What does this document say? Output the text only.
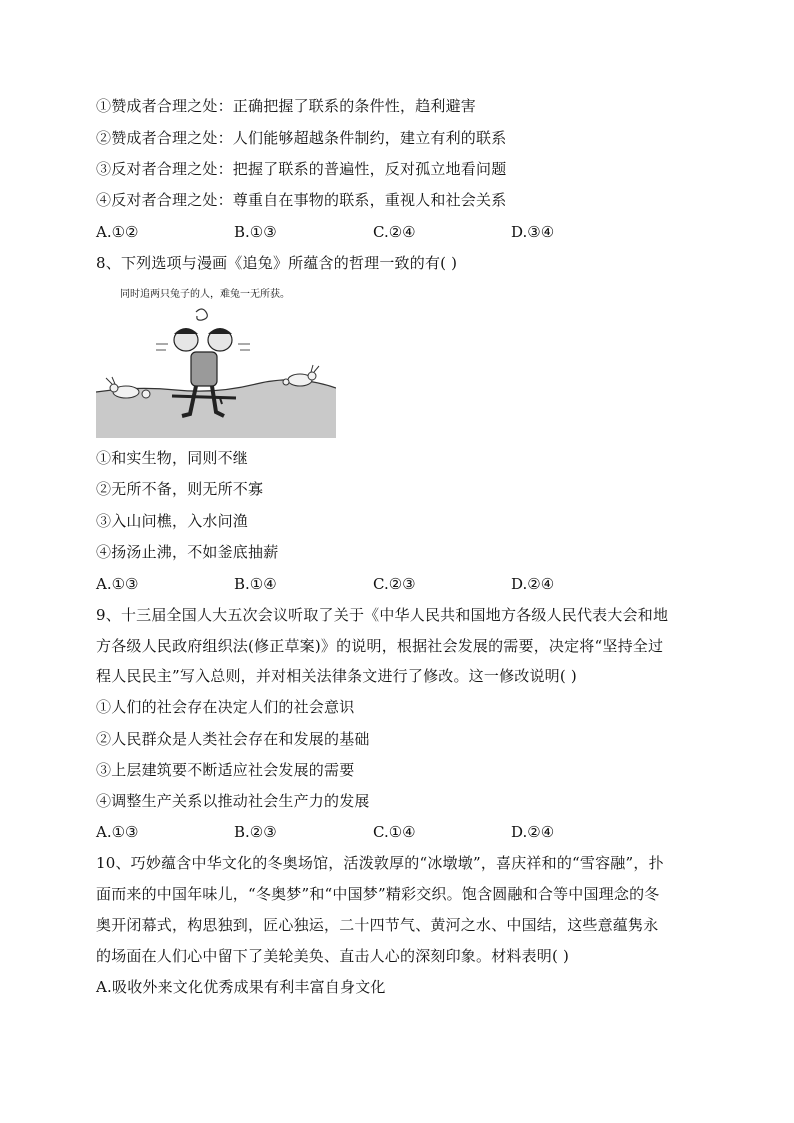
①赞成者合理之处：正确把握了联系的条件性，趋利避害
②赞成者合理之处：人们能够超越条件制约，建立有利的联系
③反对者合理之处：把握了联系的普遍性，反对孤立地看问题
④反对者合理之处：尊重自在事物的联系，重视人和社会关系
A.①②	B.①③	C.②④	D.③④
8、下列选项与漫画《追兔》所蕴含的哲理一致的有( )
同时追两只兔子的人，难兔一无所获。
①和实生物，同则不继
②无所不备，则无所不寡
③入山问樵，入水问渔
④扬汤止沸，不如釜底抽薪
A.①③	B.①④	C.②③	D.②④
9、十三届全国人大五次会议听取了关于《中华人民共和国地方各级人民代表大会和地
方各级人民政府组织法(修正草案)》的说明，根据社会发展的需要，决定将“坚持全过
程人民民主”写入总则，并对相关法律条文进行了修改。这一修改说明( )
①人们的社会存在决定人们的社会意识
②人民群众是人类社会存在和发展的基础
③上层建筑要不断适应社会发展的需要
④调整生产关系以推动社会生产力的发展
A.①③	B.②③	C.①④	D.②④
10、巧妙蕴含中华文化的冬奥场馆，活泼敦厚的“冰墩墩”，喜庆祥和的“雪容融”，扑
面而来的中国年味儿，“冬奥梦”和“中国梦”精彩交织。饱含圆融和合等中国理念的冬
奥开闭幕式，构思独到，匠心独运，二十四节气、黄河之水、中国结，这些意蕴隽永
的场面在人们心中留下了美轮美奂、直击人心的深刻印象。材料表明( )
A.吸收外来文化优秀成果有利丰富自身文化
